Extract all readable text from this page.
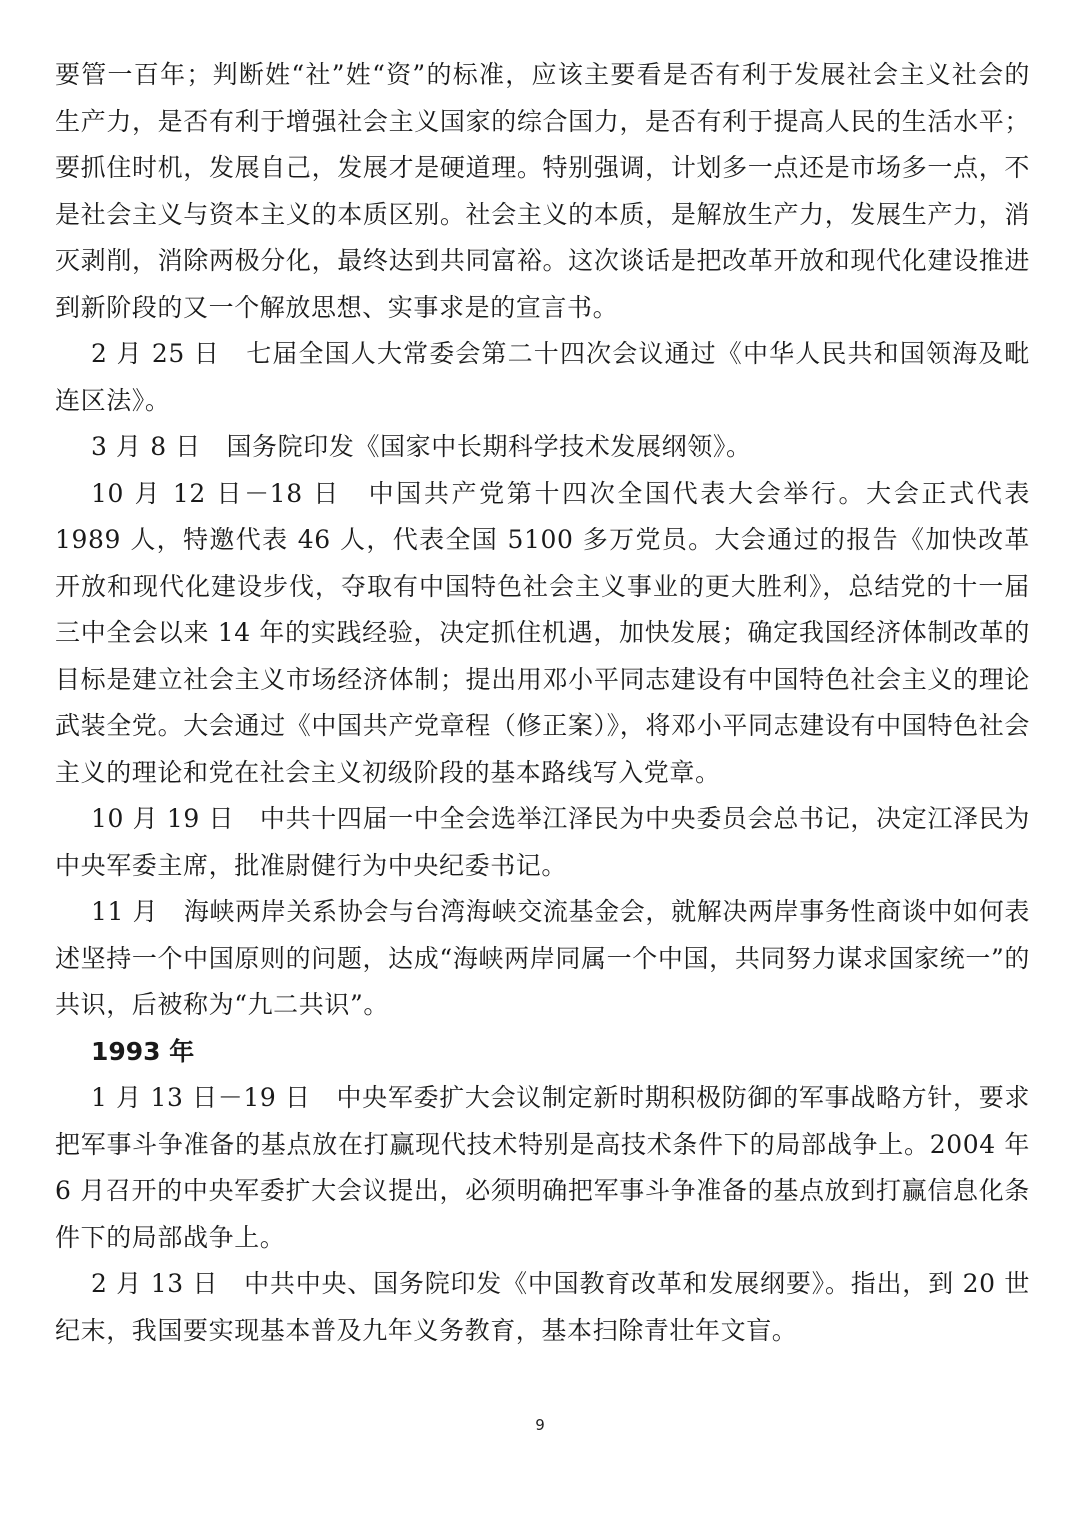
要管一百年；判断姓“社”姓“资”的标准，应该主要看是否有利于发展社会主义社会的生产力，是否有利于增强社会主义国家的综合国力，是否有利于提高人民的生活水平；要抓住时机，发展自己，发展才是硬道理。特别强调，计划多一点还是市场多一点，不是社会主义与资本主义的本质区别。社会主义的本质，是解放生产力，发展生产力，消灭剥削，消除两极分化，最终达到共同富裕。这次谈话是把改革开放和现代化建设推进到新阶段的又一个解放思想、实事求是的宣言书。

2 月 25 日　七届全国人大常委会第二十四次会议通过《中华人民共和国领海及毗连区法》。

3 月 8 日　国务院印发《国家中长期科学技术发展纲领》。

10 月 12 日－18 日　中国共产党第十四次全国代表大会举行。大会正式代表 1989 人，特邀代表 46 人，代表全国 5100 多万党员。大会通过的报告《加快改革开放和现代化建设步伐，夺取有中国特色社会主义事业的更大胜利》，总结党的十一届三中全会以来 14 年的实践经验，决定抓住机遇，加快发展；确定我国经济体制改革的目标是建立社会主义市场经济体制；提出用邓小平同志建设有中国特色社会主义的理论武装全党。大会通过《中国共产党章程（修正案）》，将邓小平同志建设有中国特色社会主义的理论和党在社会主义初级阶段的基本路线写入党章。

10 月 19 日　中共十四届一中全会选举江泽民为中央委员会总书记，决定江泽民为中央军委主席，批准尉健行为中央纪委书记。

11 月　海峡两岸关系协会与台湾海峡交流基金会，就解决两岸事务性商谈中如何表述坚持一个中国原则的问题，达成“海峡两岸同属一个中国，共同努力谋求国家统一”的共识，后被称为“九二共识”。

1993 年

1 月 13 日－19 日　中央军委扩大会议制定新时期积极防御的军事战略方针，要求把军事斗争准备的基点放在打赢现代技术特别是高技术条件下的局部战争上。2004 年 6 月召开的中央军委扩大会议提出，必须明确把军事斗争准备的基点放到打赢信息化条件下的局部战争上。

2 月 13 日　中共中央、国务院印发《中国教育改革和发展纲要》。指出，到 20 世纪末，我国要实现基本普及九年义务教育，基本扫除青壮年文盲。

9
